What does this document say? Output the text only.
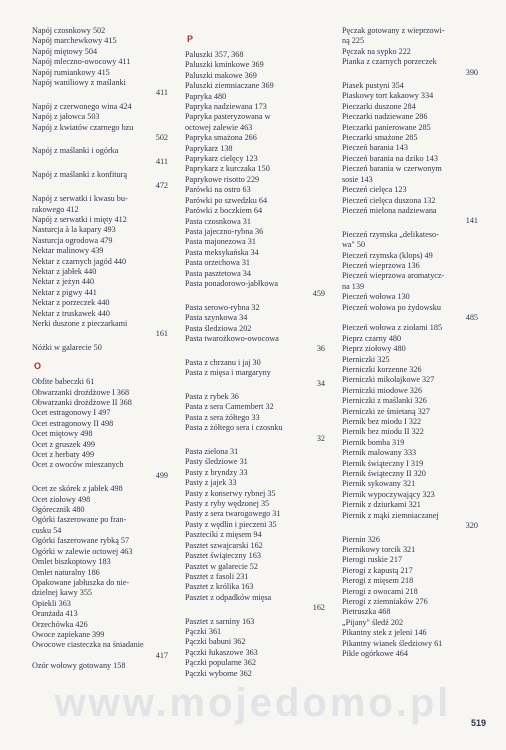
Napój czosnkowy 502
Napój marchewkowy 415
Napój miętowy 504
Napój mleczno-owocowy 411
Napój rumiankowy 415
Napój waniliowy z maślanki
411
Napój z czerwonego wina 424
Napój z jałowca 503
Napój z kwiatów czarnego bzu
502
Napój z maślanki i ogórka
411
Napój z maślanki z konfiturą
472
Napój z serwatki i kwasu bu-
rakowego 412
Napój z serwatki i mięty 412
Nasturcja à la kapary 493
Nasturcja ogrodowa 479
Nektar malinowy 439
Nektar z czarnych jagód 440
Nektar z jabłek 440
Nektar z jeżyn 440
Nektar z pigwy 441
Nektar z porzeczek 440
Nektar z truskawek 440
Nerki duszone z pieczarkami
161
Nóżki w galarecie 50
O
Obfite babeczki 61
Obwarzanki drożdżowe I 368
Obwarzanki drożdżowe II 368
Ocet estragonowy I 497
Ocet estragonowy II 498
Ocet miętowy 498
Ocet z gruszek 499
Ocet z herbaty 499
Ocet z owoców mieszanych
499
Ocet ze skórek z jabłek 498
Ocet ziołowy 498
Ogórecznik 480
Ogórki faszerowane po fran-
cusku 54
Ogórki faszerowane rybką 57
Ogórki w zalewie octowej 463
Omlet biszkoptowy 183
Omlet naturalny 186
Opakowane jabłuszka do nie-
dzielnej kawy 355
Opiekli 363
Oranżada 413
Orzechówka 426
Owoce zapiekane 399
Owocowe ciasteczka na śniadanie
417
Ozór wołowy gotowany 158
P
Paluszki 357, 368
Paluszki kminkowe 369
Paluszki makowe 369
Paluszki ziemniaczane 369
Papryka 480
Papryka nadziewana 173
Papryka pasteryzowana w
octowej zalewie 463
Papryka smażona 266
Paprykarz 138
Paprykarz cielęcy 123
Paprykarz z kurczaka 150
Paprykowe risotto 229
Parówki na ostro 63
Parówki po szwedzku 64
Parówki z boczkiem 64
Pasta czosnkowa 31
Pasta jajeczno-rybna 36
Pasta majonezowa 31
Pasta meksykańska 34
Pasta orzechowa 31
Pasta pasztetowa 34
Pasta ponadorowo-jabłkowa
459
Pasta serowo-rybna 32
Pasta szynkowa 34
Pasta śledziowa 202
Pasta twarożkowo-owocowa
36
Pasta z chrzanu i jaj 30
Pasta z mięsa i margaryny
34
Pasta z rybek 36
Pasta z sera Camembert 32
Pasta z sera żółtego 33
Pasta z żółtego sera i czosnku
32
Pasta zielona 31
Pasty śledziowe 31
Pasty z bryndzy 33
Pasty z jajek 33
Pasty z konserwy rybnej 35
Pasty z ryby wędzonej 35
Pasty z sera twarogowego 31
Pasty z wędlin i pieczeni 35
Paszteciki z mięsem 94
Pasztet szwajcarski 162
Pasztet świąteczny 163
Pasztet w galarecie 52
Pasztet z fasoli 231
Pasztet z królika 163
Pasztet z odpadków mięsa
162
Pasztet z sarniny 163
Pączki 361
Pączki babuni 362
Pączki łukaszowe 363
Pączki popularne 362
Pączki wyborne 362
Pęczak gotowany z wieprzowi-
ną 225
Pęczak na sypko 222
Pianka z czarnych porzeczek
390
Piasek pustyni 354
Piaskowy tort kakaowy 334
Pieczarki duszone 284
Pieczarki nadziewane 286
Pieczarki panierowane 285
Pieczarki smażone 285
Pieczeń barania 143
Pieczeń barania na dziko 143
Pieczeń barania w czerwonym
sosie 143
Pieczeń cielęca 123
Pieczeń cielęca duszona 132
Pieczeń mielona nadziewana
141
Pieczeń rzymska „delikateso-
wa" 50
Pieczeń rzymska (klops) 49
Pieczeń wieprzowa 136
Pieczeń wieprzowa aromatycz-
na 139
Pieczeń wołowa 130
Pieczeń wołowa po żydowsku
485
Pieczeń wołowa z ziołami 185
Pieprz czarny 480
Pieprz ziołowy 480
Pierniczki 325
Pierniczki korzenne 326
Pierniczki mikołajkowe 327
Pierniczki miodowe 326
Pierniczki z maślanki 326
Pierniczki ze śmietaną 327
Piernik bez miodu I 322
Piernik bez miodu II 322
Piernik bomba 319
Piernik malowany 333
Piernik świąteczny I 319
Piernik świąteczny II 320
Piernik sykowany 321
Piernik wypoczywający 323
Piernik z dziurkami 321
Piernik z mąki ziemniaczanej
320
Piernin 326
Piernikowy torcik 321
Pierogi ruskie 217
Pierogi z kapustą 217
Pierogi z mięsem 218
Pierogi z owocami 218
Pierogi z ziemniaków 276
Pietruszka 468
„Pijany" śledź 202
Pikantny stek z jeleni 146
Pikantny wianek śledziowy 61
Pikle ogórkowe 464
www.mojedomo.pl	519
